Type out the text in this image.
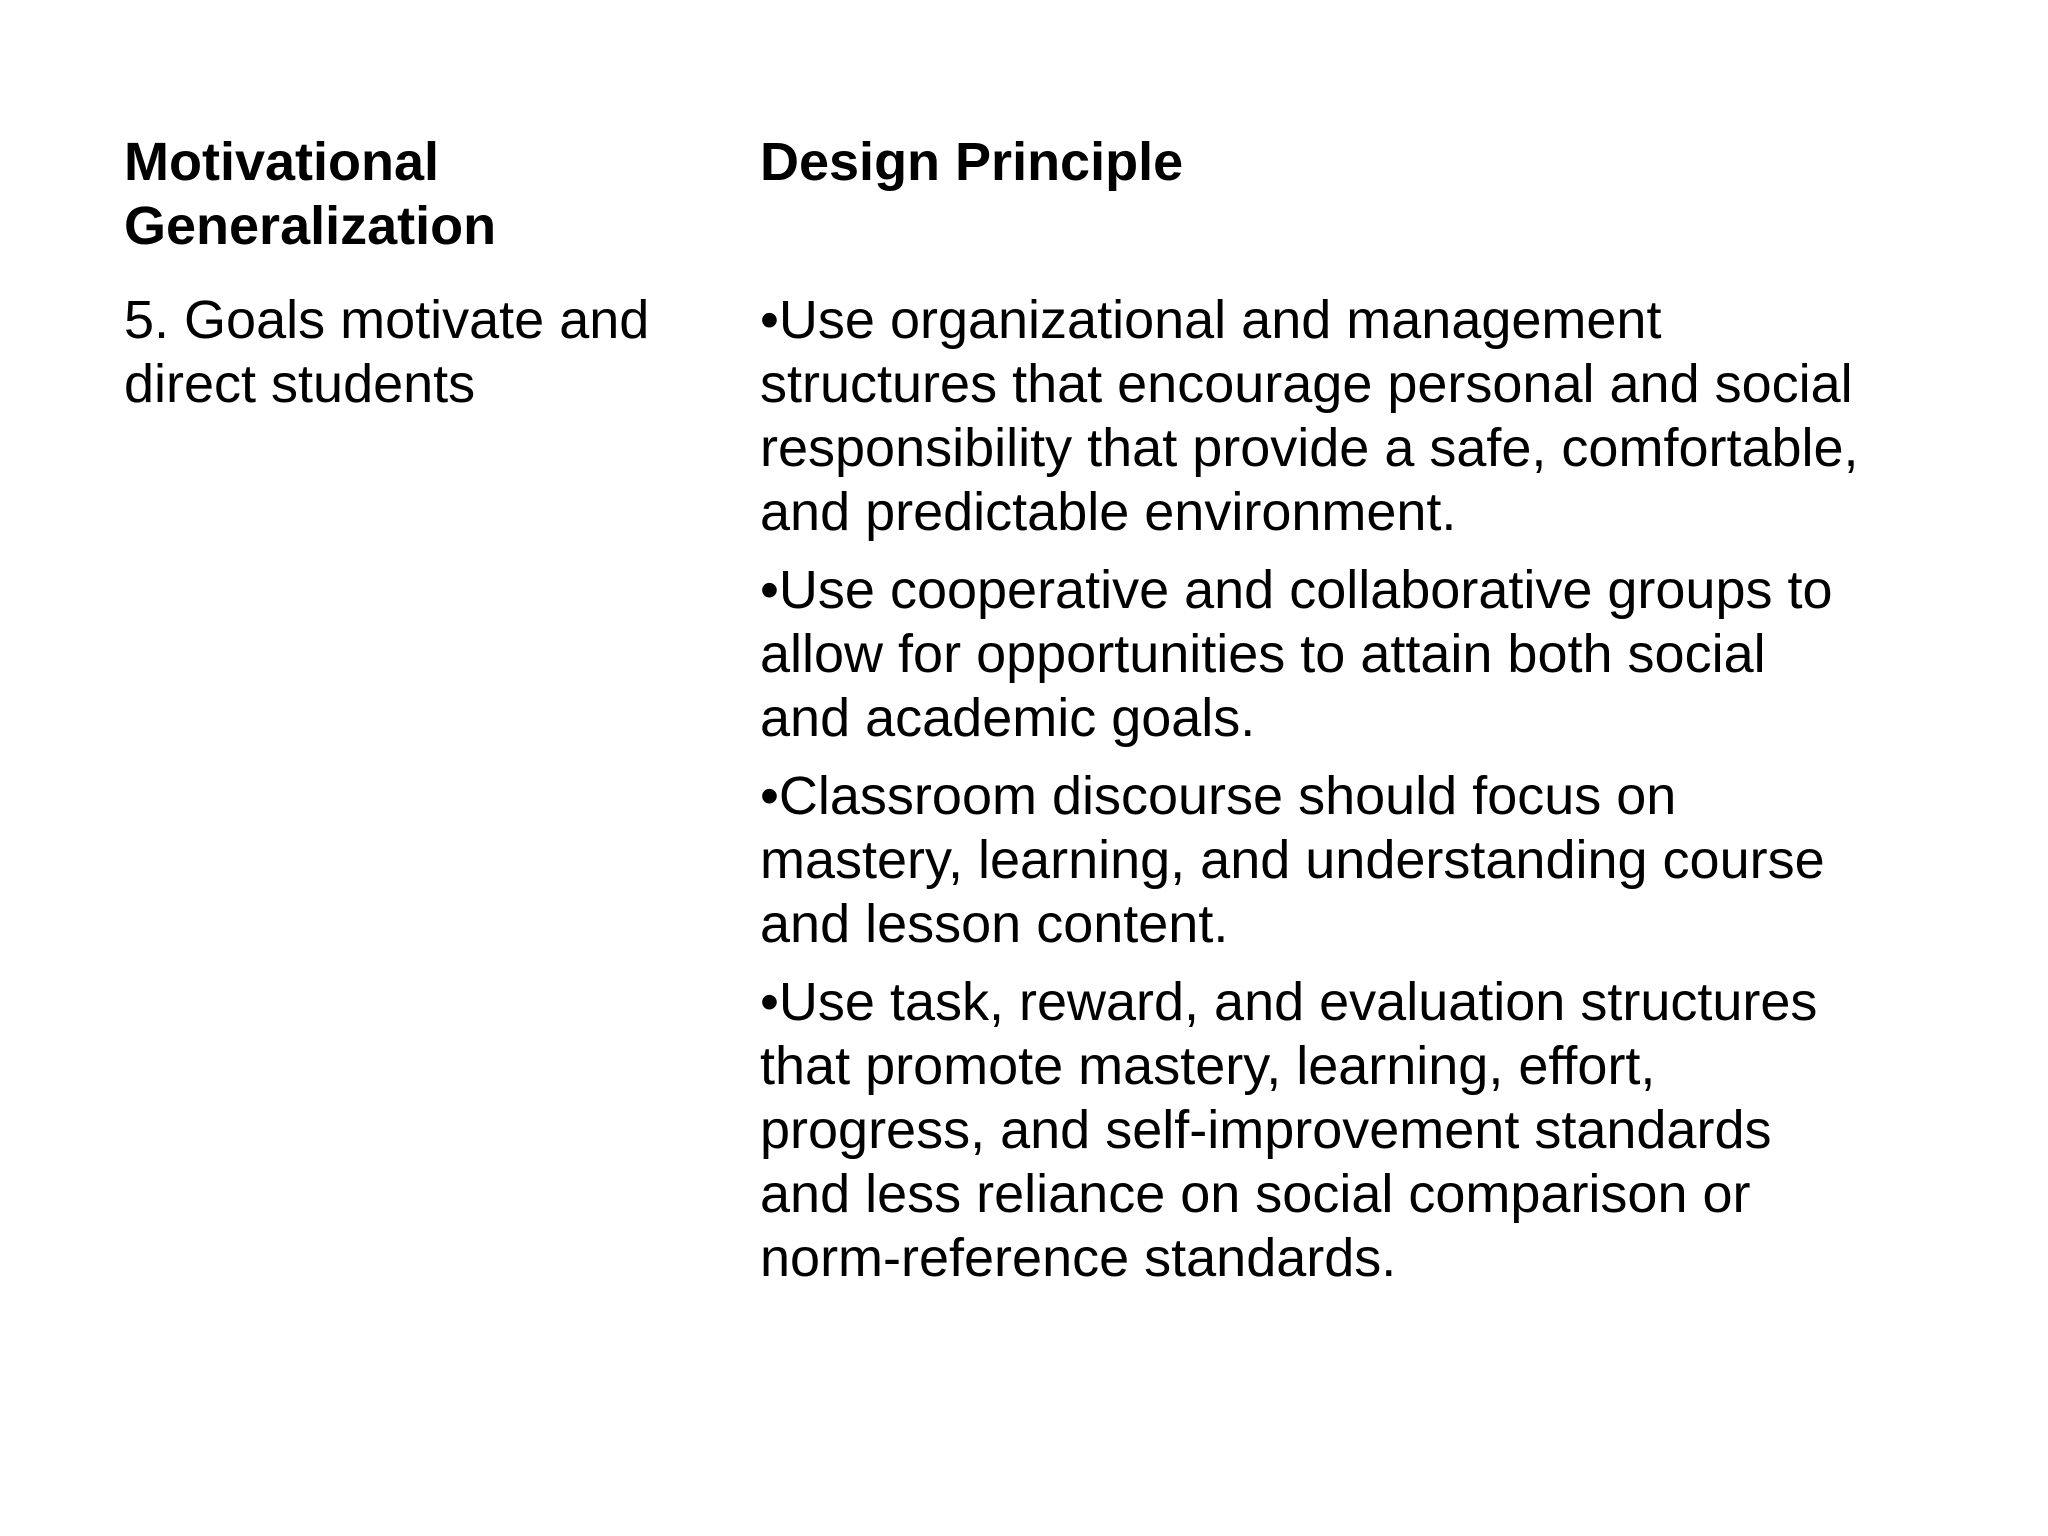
Motivational
Generalization
Design Principle
5. Goals motivate and
direct students

•Use organizational and management
structures that encourage personal and social
responsibility that provide a safe, comfortable,
and predictable environment.

•Use cooperative and collaborative groups to
allow for opportunities to attain both social
and academic goals.

•Classroom discourse should focus on
mastery, learning, and understanding course
and lesson content.

•Use task, reward, and evaluation structures
that promote mastery, learning, effort,
progress, and self-improvement standards
and less reliance on social comparison or
norm-reference standards.
